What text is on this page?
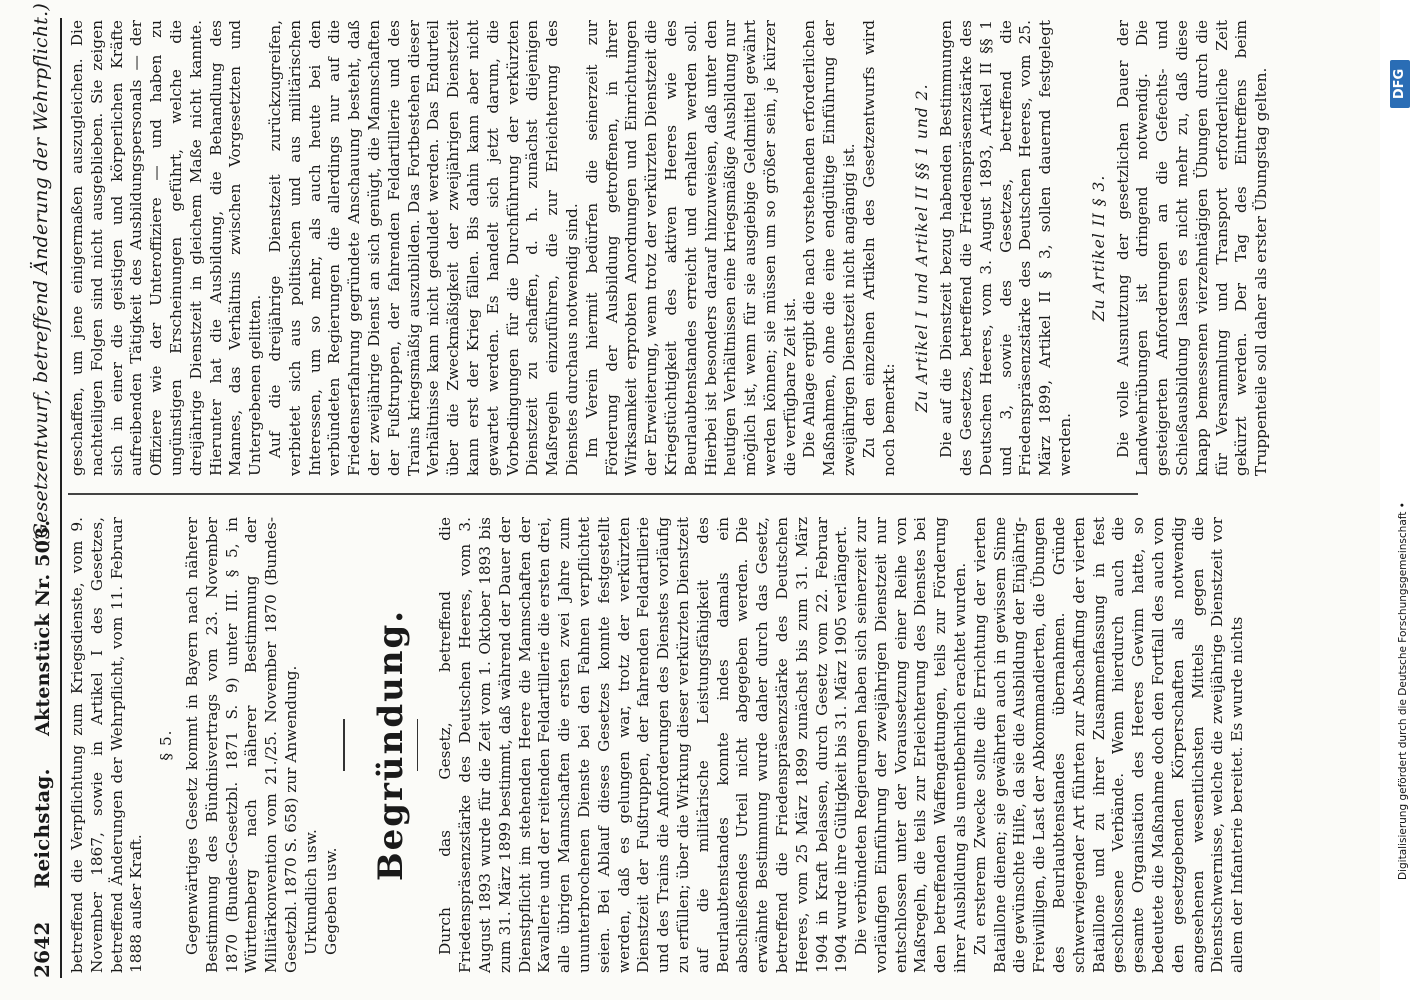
2642 Reichstag.  Aktenstück Nr. 503.
(Gesetzentwurf, betreffend Änderung der Wehrpflicht.)

betreffend die Verpflichtung zum Kriegsdienste, vom 9. November 1867, sowie in Artikel I des Gesetzes, betreffend Änderungen der Wehrpflicht, vom 11. Februar 1888 außer Kraft.

§ 5. Gegenwärtiges Gesetz kommt in Bayern nach näherer Bestimmung des Bündnisvertrags vom 23. November 1870 (Bundes-Gesetzbl. 1871 S. 9) unter III. § 5, in Württemberg nach näherer Bestimmung der Militärkonvention vom 21./25. November 1870 (Bundes-Gesetzbl. 1870 S. 658) zur Anwendung. Urkundlich usw. Gegeben usw.

Begründung. Durch das Gesetz, betreffend die Friedenspräsenzstärke des Deutschen Heeres, vom 3. August 1893 wurde für die Zeit vom 1. Oktober 1893 bis zum 31. März 1899 bestimmt, daß während der Dauer der Dienstpflicht im stehenden Heere die Mannschaften der Kavallerie und der reitenden Feldartillerie die ersten drei, alle übrigen Mannschaften die ersten zwei Jahre zum ununterbrochenen Dienste bei den Fahnen verpflichtet seien. Bei Ablauf dieses Gesetzes konnte festgestellt werden, daß es gelungen war, trotz der verkürzten Dienstzeit der Fußtruppen, der fahrenden Feldartillerie und des Trains die Anforderungen des Dienstes vorläufig zu erfüllen; über die Wirkung dieser verkürzten Dienstzeit auf die militärische Leistungsfähigkeit des Beurlaubtenstandes konnte indes damals ein abschließendes Urteil nicht abgegeben werden. Die erwähnte Bestimmung wurde daher durch das Gesetz, betreffend die Friedenspräsenzstärke des Deutschen Heeres, vom 25 März 1899 zunächst bis zum 31. März 1904 in Kraft belassen, durch Gesetz vom 22. Februar 1904 wurde ihre Gültigkeit bis 31. März 1905 verlängert. Die verbündeten Regierungen haben sich seinerzeit zur vorläufigen Einführung der zweijährigen Dienstzeit nur entschlossen unter der Voraussetzung einer Reihe von Maßregeln, die teils zur Erleichterung des Dienstes bei den betreffenden Waffengattungen, teils zur Förderung ihrer Ausbildung als unentbehrlich erachtet wurden. Zu ersterem Zwecke sollte die Errichtung der vierten Bataillone dienen; sie gewährten auch in gewissem Sinne die gewünschte Hilfe, da sie die Ausbildung der Einjährig-Freiwilligen, die Last der Abkommandierten, die Übungen des Beurlaubtenstandes übernahmen. Gründe schwerwiegender Art führten zur Abschaffung der vierten Bataillone und zu ihrer Zusammenfassung in fest geschlossene Verbände. Wenn hierdurch auch die gesamte Organisation des Heeres Gewinn hatte, so bedeutete die Maßnahme doch den Fortfall des auch von den gesetzgebenden Körperschaften als notwendig angesehenen wesentlichsten Mittels gegen die Dienstschwernisse, welche die zweijährige Dienstzeit vor allem der Infanterie bereitet. Es wurde nichts

geschaffen, um jene einigermaßen auszugleichen. Die nachteiligen Folgen sind nicht ausgeblieben. Sie zeigen sich in einer die geistigen und körperlichen Kräfte aufreibenden Tätigkeit des Ausbildungspersonals — der Offiziere wie der Unteroffiziere — und haben zu ungünstigen Erscheinungen geführt, welche die dreijährige Dienstzeit in gleichem Maße nicht kannte. Hierunter hat die Ausbildung, die Behandlung des Mannes, das Verhältnis zwischen Vorgesetzten und Untergebenen gelitten. Auf die dreijährige Dienstzeit zurückzugreifen, verbietet sich aus politischen und aus militärischen Interessen, um so mehr, als auch heute bei den verbündeten Regierungen die allerdings nur auf die Friedenserfahrung gegründete Anschauung besteht, daß der zweijährige Dienst an sich genügt, die Mannschaften der Fußtruppen, der fahrenden Feldartillerie und des Trains kriegsmäßig auszubilden. Das Fortbestehen dieser Verhältnisse kann nicht geduldet werden. Das Endurteil über die Zweckmäßigkeit der zweijährigen Dienstzeit kann erst der Krieg fällen. Bis dahin kann aber nicht gewartet werden. Es handelt sich jetzt darum, die Vorbedingungen für die Durchführung der verkürzten Dienstzeit zu schaffen, d. h. zunächst diejenigen Maßregeln einzuführen, die zur Erleichterung des Dienstes durchaus notwendig sind. Im Verein hiermit bedürfen die seinerzeit zur Förderung der Ausbildung getroffenen, in ihrer Wirksamkeit erprobten Anordnungen und Einrichtungen der Erweiterung, wenn trotz der verkürzten Dienstzeit die Kriegstüchtigkeit des aktiven Heeres wie des Beurlaubtenstandes erreicht und erhalten werden soll. Hierbei ist besonders darauf hinzuweisen, daß unter den heutigen Verhältnissen eine kriegsmäßige Ausbildung nur möglich ist, wenn für sie ausgiebige Geldmittel gewährt werden können; sie müssen um so größer sein, je kürzer die verfügbare Zeit ist. Die Anlage ergibt die nach vorstehenden erforderlichen Maßnahmen, ohne die eine endgültige Einführung der zweijährigen Dienstzeit nicht angängig ist. Zu den einzelnen Artikeln des Gesetzentwurfs wird noch bemerkt:

Zu Artikel I und Artikel II §§ 1 und 2. Die auf die Dienstzeit bezug habenden Bestimmungen des Gesetzes, betreffend die Friedenspräsenzstärke des Deutschen Heeres, vom 3. August 1893, Artikel II §§ 1 und 3, sowie des Gesetzes, betreffend die Friedenspräsenzstärke des Deutschen Heeres, vom 25. März 1899, Artikel II § 3, sollen dauernd festgelegt werden.

Zu Artikel II § 3. Die volle Ausnutzung der gesetzlichen Dauer der Landwehrübungen ist dringend notwendig. Die gesteigerten Anforderungen an die Gefechts- und Schießausbildung lassen es nicht mehr zu, daß diese knapp bemessenen vierzehntägigen Übungen durch die für Versammlung und Transport erforderliche Zeit gekürzt werden. Der Tag des Eintreffens beim Truppenteile soll daher als erster Übungstag gelten.

Digitalisierung gefördert durch die Deutsche Forschungsgemeinschaft •
DFG
